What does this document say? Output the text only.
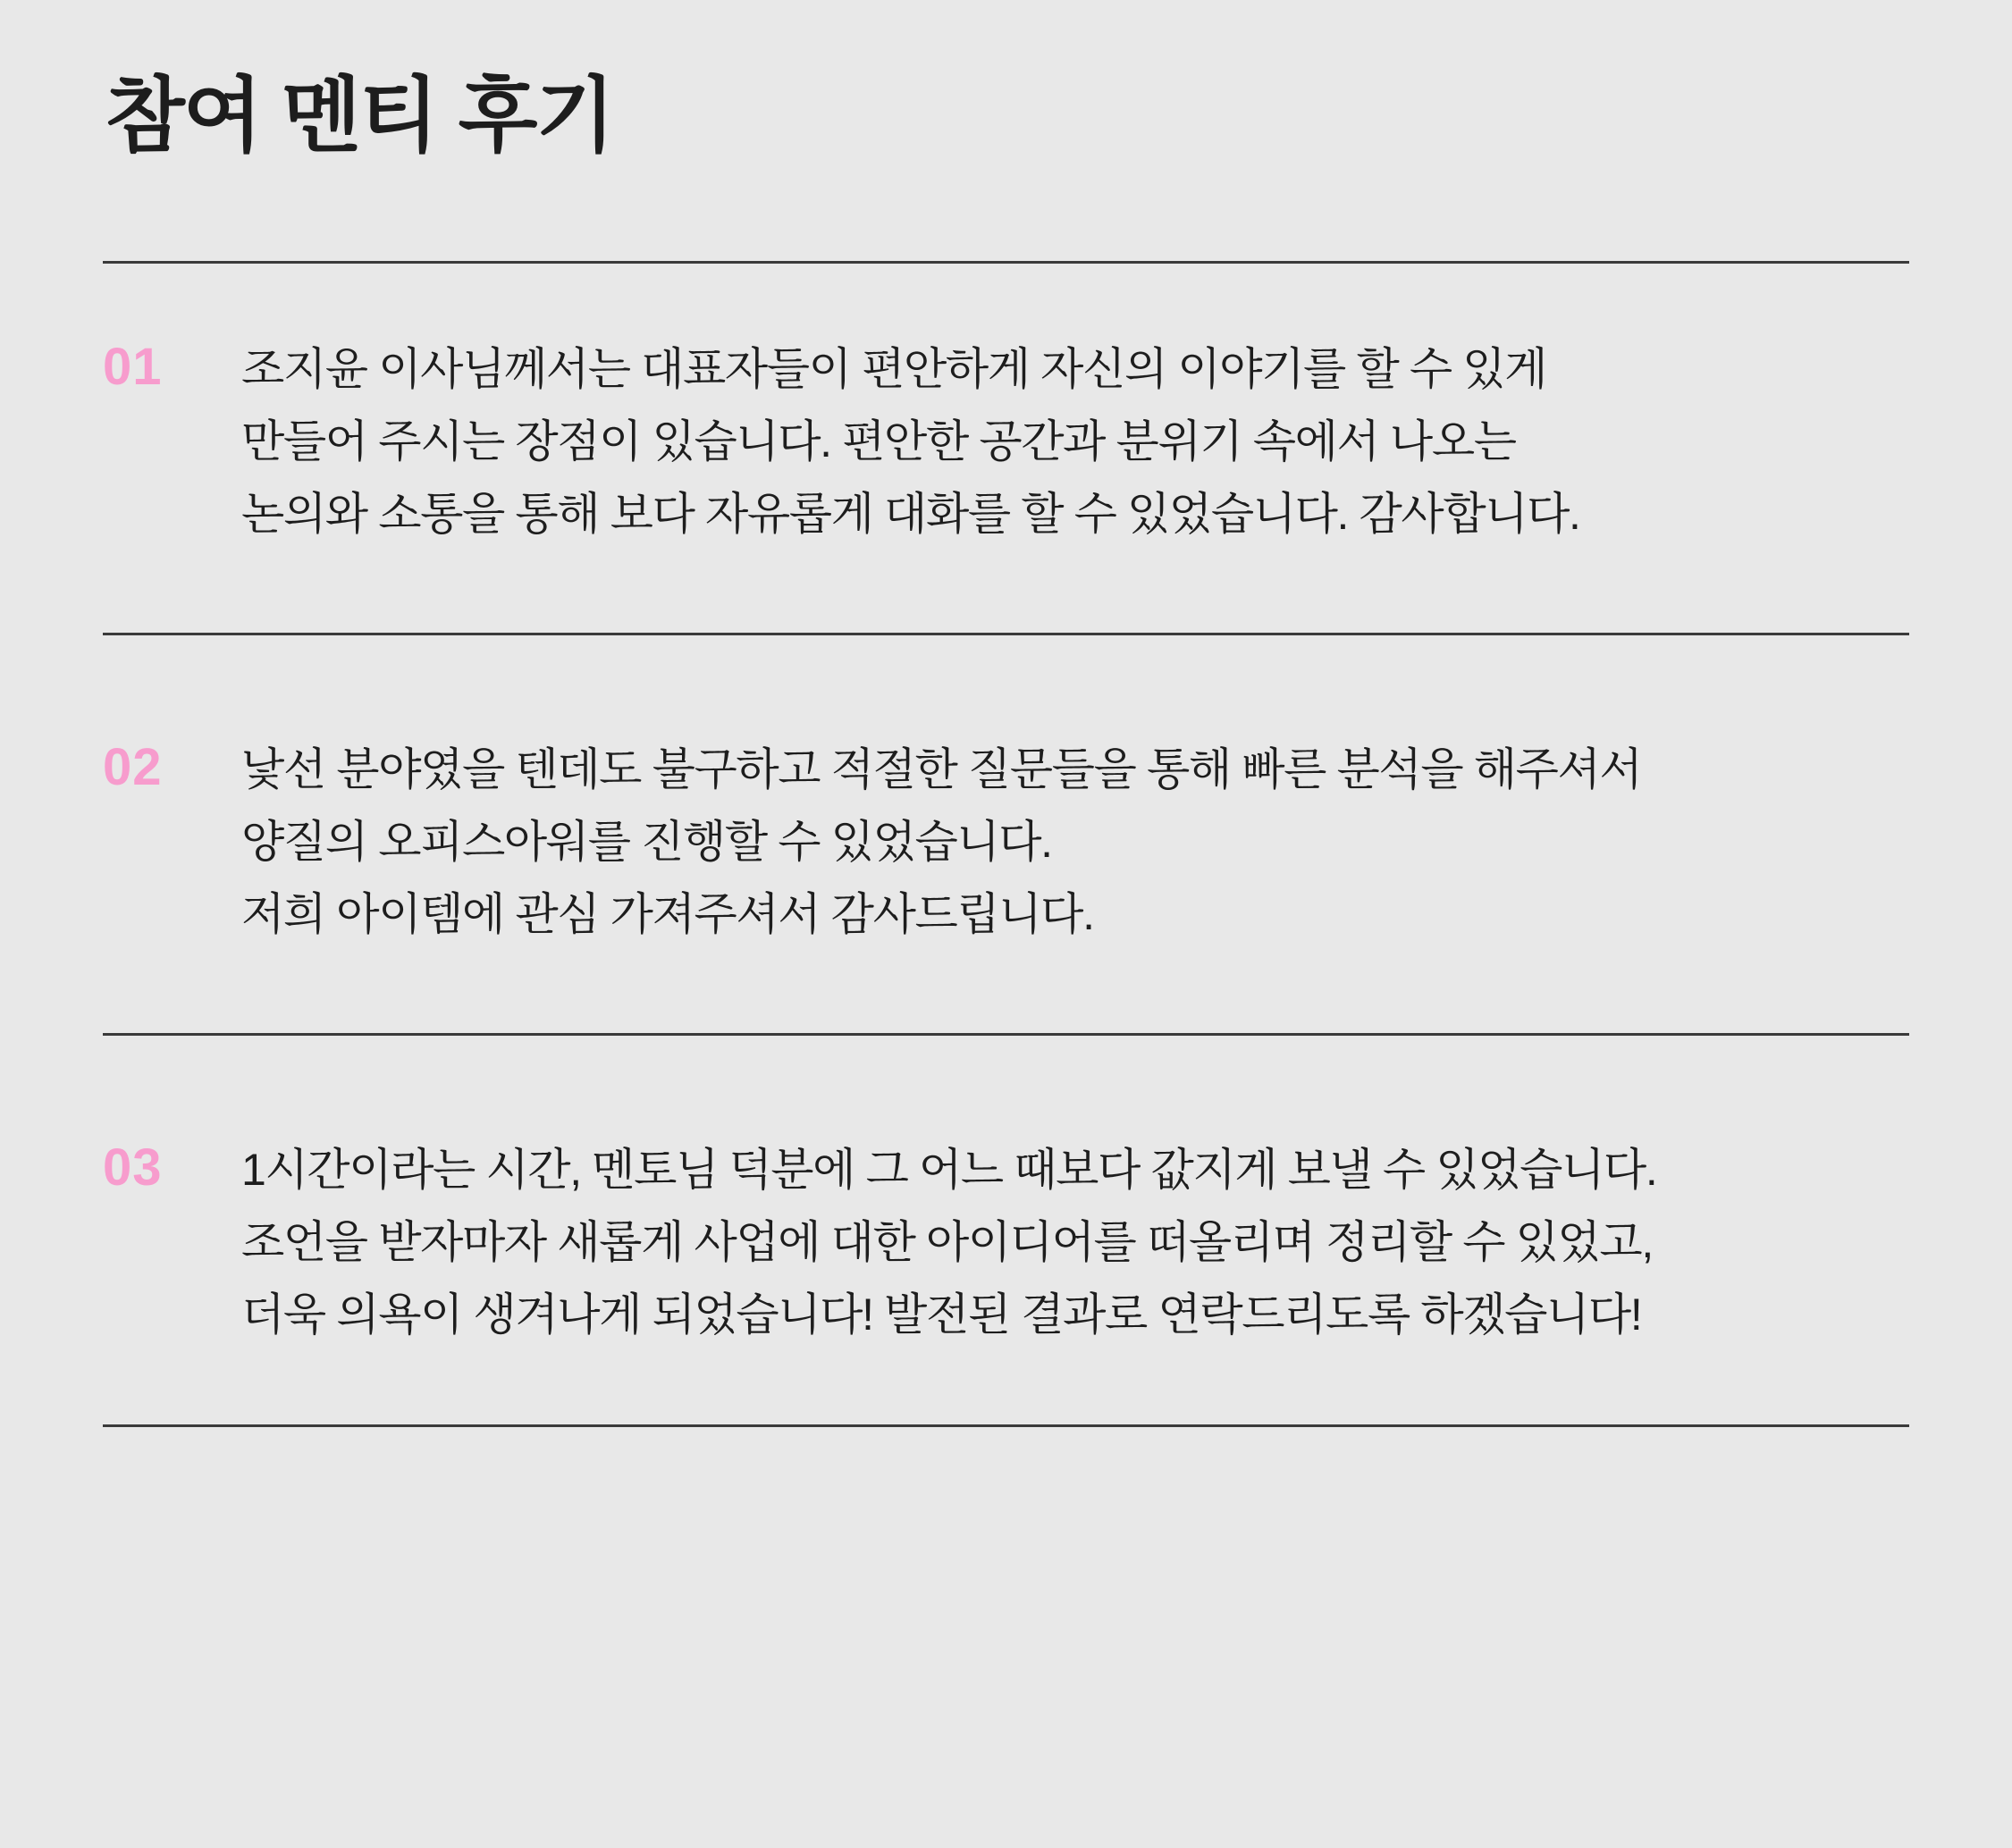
참여 멘티 후기
01	조지윤 이사님께서는 대표자들이 편안하게 자신의 이야기를 할 수 있게

만들어 주시는 장점이 있습니다. 편안한 공간과 분위기 속에서 나오는

논의와 소통을 통해 보다 자유롭게 대화를 할 수 있었습니다. 감사합니다.

02	낯선 분야였을 텐데도 불구하고 적절한 질문들을 통해 빠른 분석을 해주셔서

양질의 오피스아워를 진행할 수 있었습니다.

저희 아이템에 관심 가져주셔서 감사드립니다.

03	1시간이라는 시간, 멘토님 덕분에 그 어느 때보다 값지게 보낼 수 있었습니다.

조언을 받자마자 새롭게 사업에 대한 아이디어를 떠올리며 정리할 수 있었고,

더욱 의욕이 생겨나게 되었습니다! 발전된 결과로 연락드리도록 하겠습니다!
